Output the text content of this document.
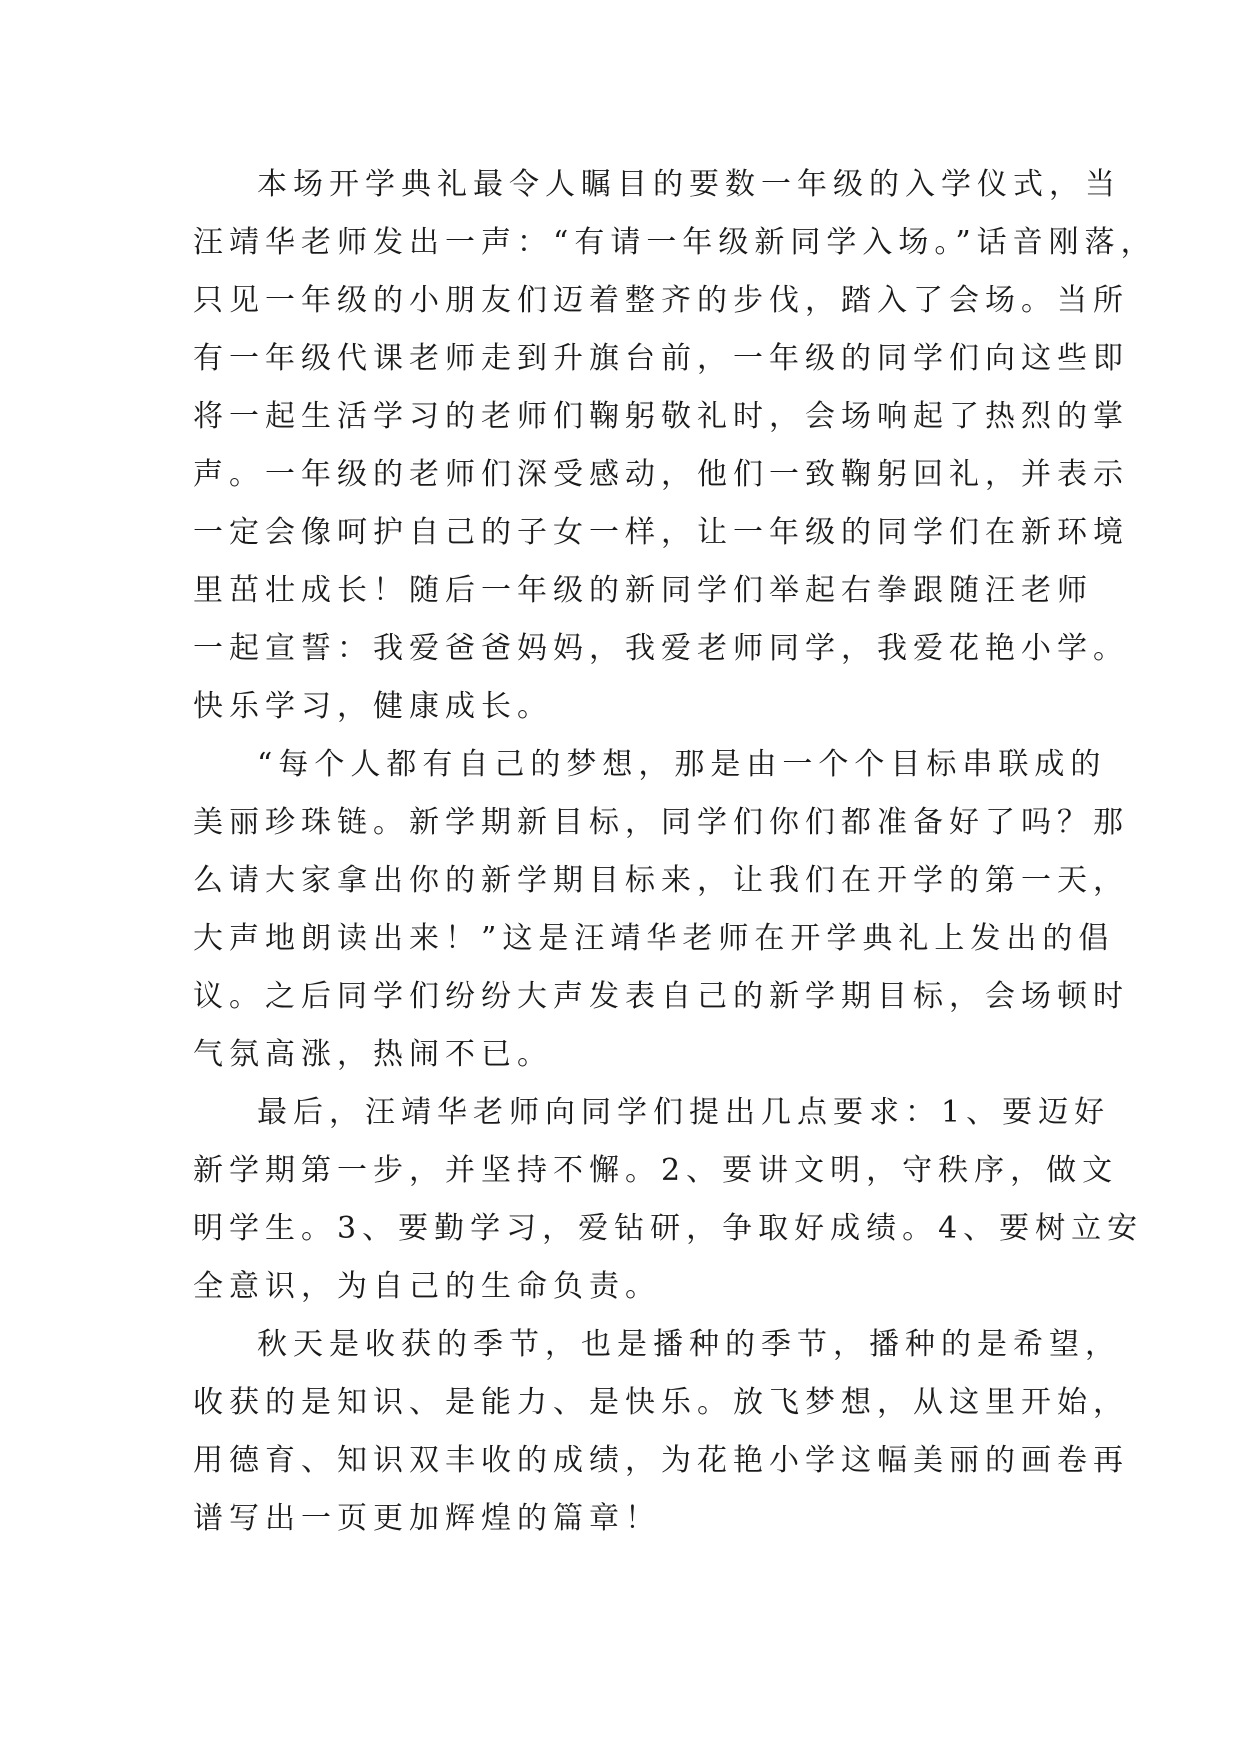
本场开学典礼最令人瞩目的要数一年级的入学仪式，当
汪靖华老师发出一声：“有请一年级新同学入场。”话音刚落，
只见一年级的小朋友们迈着整齐的步伐，踏入了会场。当所
有一年级代课老师走到升旗台前，一年级的同学们向这些即
将一起生活学习的老师们鞠躬敬礼时，会场响起了热烈的掌
声。一年级的老师们深受感动，他们一致鞠躬回礼，并表示
一定会像呵护自己的子女一样，让一年级的同学们在新环境
里茁壮成长！随后一年级的新同学们举起右拳跟随汪老师
一起宣誓：我爱爸爸妈妈，我爱老师同学，我爱花艳小学。
快乐学习，健康成长。

“每个人都有自己的梦想，那是由一个个目标串联成的
美丽珍珠链。新学期新目标，同学们你们都准备好了吗？那
么请大家拿出你的新学期目标来，让我们在开学的第一天，
大声地朗读出来！”这是汪靖华老师在开学典礼上发出的倡
议。之后同学们纷纷大声发表自己的新学期目标，会场顿时
气氛高涨，热闹不已。

最后，汪靖华老师向同学们提出几点要求：1、要迈好
新学期第一步，并坚持不懈。2、要讲文明，守秩序，做文
明学生。3、要勤学习，爱钻研，争取好成绩。4、要树立安
全意识，为自己的生命负责。

秋天是收获的季节，也是播种的季节，播种的是希望，
收获的是知识、是能力、是快乐。放飞梦想，从这里开始，
用德育、知识双丰收的成绩，为花艳小学这幅美丽的画卷再
谱写出一页更加辉煌的篇章！
